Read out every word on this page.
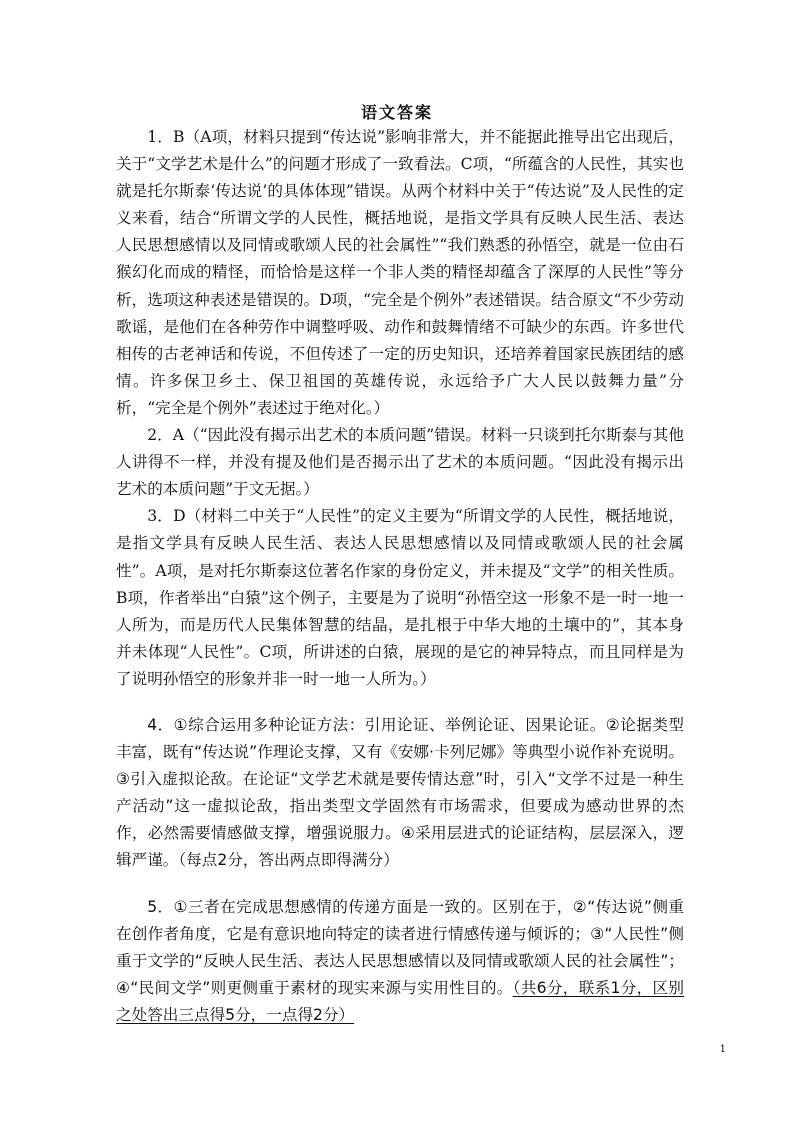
语文答案

1．B（A项，材料只提到“传达说”影响非常大，并不能据此推导出它出现后，关于“文学艺术是什么”的问题才形成了一致看法。C项，“所蕴含的人民性，其实也就是托尔斯泰‘传达说’的具体体现”错误。从两个材料中关于“传达说”及人民性的定义来看，结合“所谓文学的人民性，概括地说，是指文学具有反映人民生活、表达人民思想感情以及同情或歌颂人民的社会属性”“我们熟悉的孙悟空，就是一位由石猴幻化而成的精怪，而恰恰是这样一个非人类的精怪却蕴含了深厚的人民性”等分析，选项这种表述是错误的。D项，“完全是个例外”表述错误。结合原文“不少劳动歌谣，是他们在各种劳作中调整呼吸、动作和鼓舞情绪不可缺少的东西。许多世代相传的古老神话和传说，不但传述了一定的历史知识，还培养着国家民族团结的感情。许多保卫乡土、保卫祖国的英雄传说，永远给予广大人民以鼓舞力量”分析，“完全是个例外”表述过于绝对化。）

2．A（“因此没有揭示出艺术的本质问题”错误。材料一只谈到托尔斯泰与其他人讲得不一样，并没有提及他们是否揭示出了艺术的本质问题。“因此没有揭示出艺术的本质问题”于文无据。）

3．D（材料二中关于“人民性”的定义主要为“所谓文学的人民性，概括地说，是指文学具有反映人民生活、表达人民思想感情以及同情或歌颂人民的社会属性”。A项，是对托尔斯泰这位著名作家的身份定义，并未提及“文学”的相关性质。B项，作者举出“白猿”这个例子，主要是为了说明“孙悟空这一形象不是一时一地一人所为，而是历代人民集体智慧的结晶，是扎根于中华大地的土壤中的”，其本身并未体现“人民性”。C项，所讲述的白猿，展现的是它的神异特点，而且同样是为了说明孙悟空的形象并非一时一地一人所为。）

4．①综合运用多种论证方法：引用论证、举例论证、因果论证。②论据类型丰富，既有“传达说”作理论支撑，又有《安娜·卡列尼娜》等典型小说作补充说明。③引入虚拟论敌。在论证“文学艺术就是要传情达意”时，引入“文学不过是一种生产活动”这一虚拟论敌，指出类型文学固然有市场需求，但要成为感动世界的杰作，必然需要情感做支撑，增强说服力。④采用层进式的论证结构，层层深入，逻辑严谨。（每点2分，答出两点即得满分）

5．①三者在完成思想感情的传递方面是一致的。区别在于，②“传达说”侧重在创作者角度，它是有意识地向特定的读者进行情感传递与倾诉的；③“人民性”侧重于文学的“反映人民生活、表达人民思想感情以及同情或歌颂人民的社会属性”；④“民间文学”则更侧重于素材的现实来源与实用性目的。（共6分，联系1分，区别之处答出三点得5分，一点得2分）

1
